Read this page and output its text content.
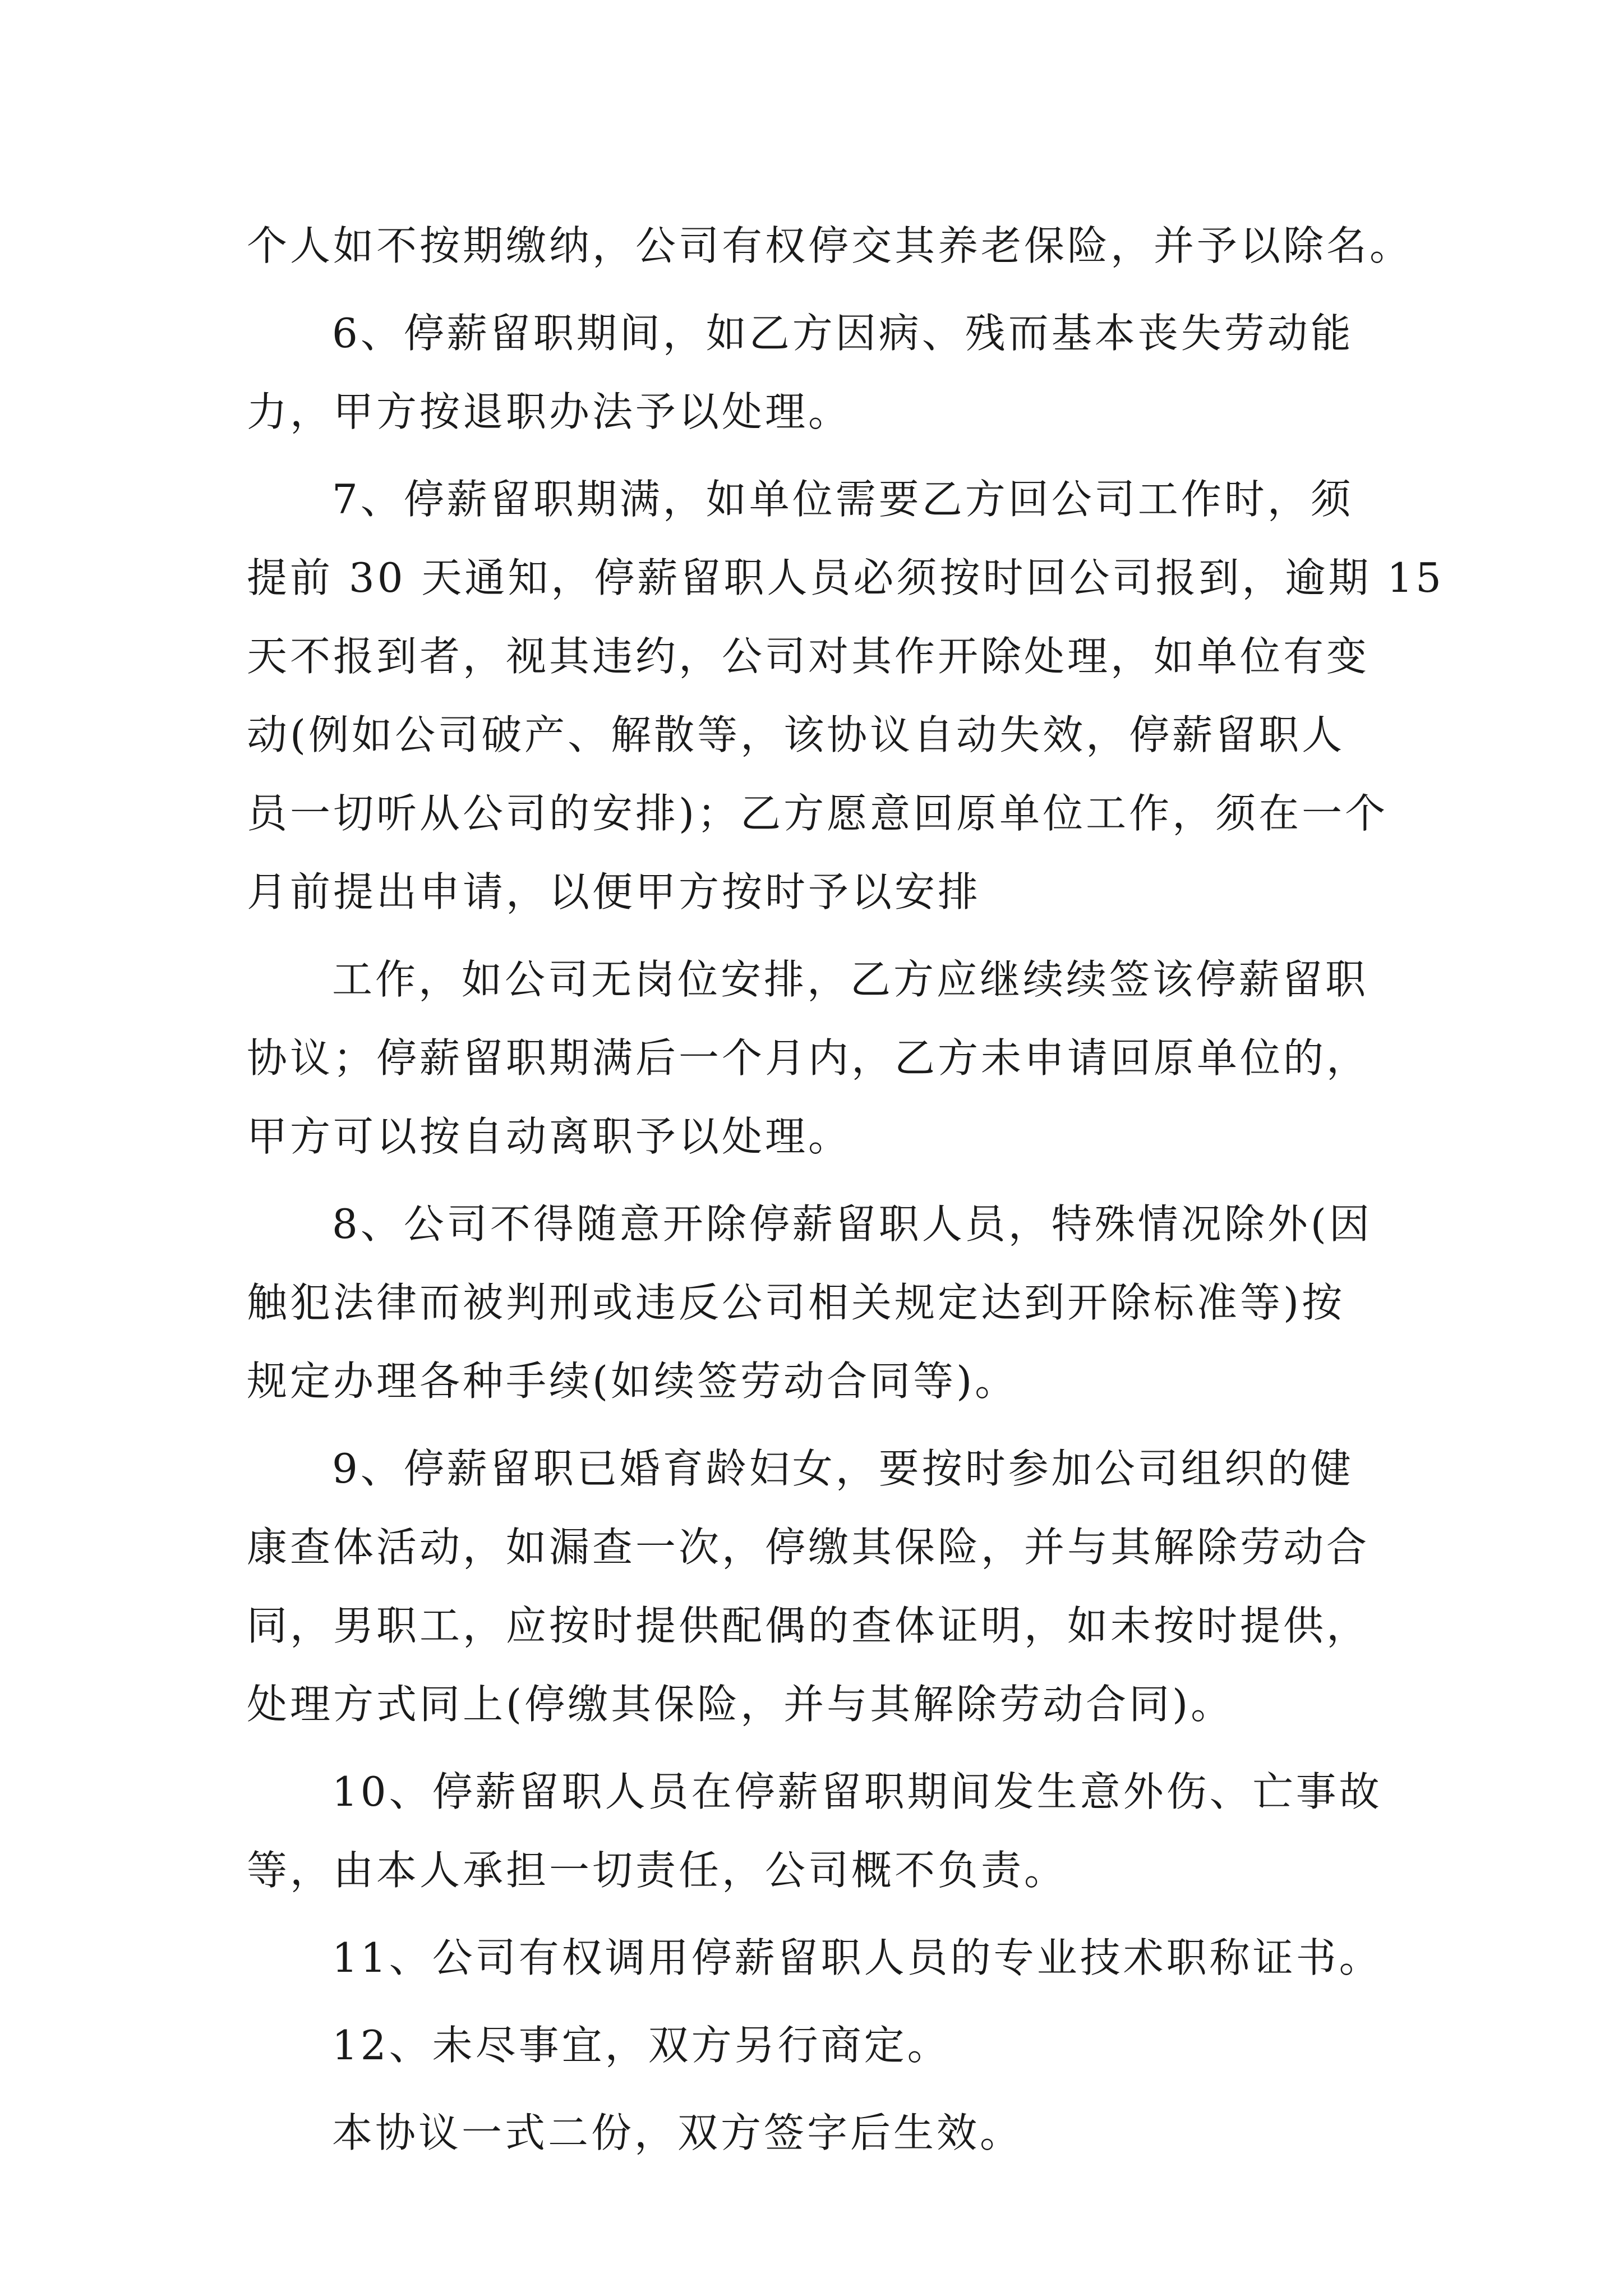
个人如不按期缴纳，公司有权停交其养老保险，并予以除名。
6、停薪留职期间，如乙方因病、残而基本丧失劳动能
力，甲方按退职办法予以处理。
7、停薪留职期满，如单位需要乙方回公司工作时，须
提前 30 天通知，停薪留职人员必须按时回公司报到，逾期 15
天不报到者，视其违约，公司对其作开除处理，如单位有变
动(例如公司破产、解散等，该协议自动失效，停薪留职人
员一切听从公司的安排)；乙方愿意回原单位工作，须在一个
月前提出申请，以便甲方按时予以安排
工作，如公司无岗位安排，乙方应继续续签该停薪留职
协议；停薪留职期满后一个月内，乙方未申请回原单位的，
甲方可以按自动离职予以处理。
8、公司不得随意开除停薪留职人员，特殊情况除外(因
触犯法律而被判刑或违反公司相关规定达到开除标准等)按
规定办理各种手续(如续签劳动合同等)。
9、停薪留职已婚育龄妇女，要按时参加公司组织的健
康查体活动，如漏查一次，停缴其保险，并与其解除劳动合
同，男职工，应按时提供配偶的查体证明，如未按时提供，
处理方式同上(停缴其保险，并与其解除劳动合同)。
10、停薪留职人员在停薪留职期间发生意外伤、亡事故
等，由本人承担一切责任，公司概不负责。
11、公司有权调用停薪留职人员的专业技术职称证书。
12、未尽事宜，双方另行商定。
本协议一式二份，双方签字后生效。
